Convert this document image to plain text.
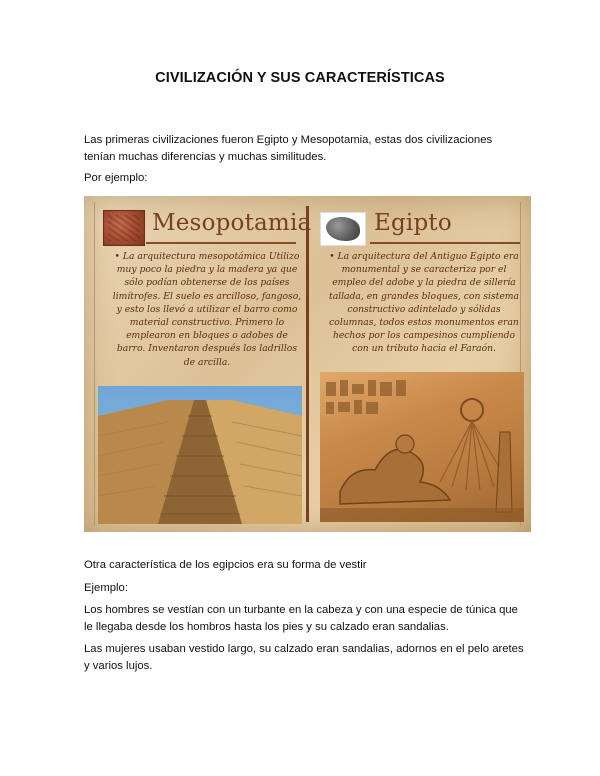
CIVILIZACIÓN Y SUS CARACTERÍSTICAS

Las primeras civilizaciones fueron Egipto y Mesopotamia, estas dos civilizaciones tenían muchas diferencias y muchas similitudes.

Por ejemplo:

Mesopotamia
• La arquitectura mesopotámica Utilizo muy poco la piedra y la madera ya que sólo podían obtenerse de los países limítrofes. El suelo es arcilloso, fangoso, y esto los llevó a utilizar el barro como material constructivo. Primero lo emplearon en bloques o adobes de barro. Inventaron después los ladrillos de arcilla.
Egipto
• La arquitectura del Antiguo Egipto era monumental y se caracteriza por el empleo del adobe y la piedra de sillería tallada, en grandes bloques, con sistema constructivo adintelado y sólidas columnas, todos estos monumentos eran hechos por los campesinos cumpliendo con un tributo hacia el Faraón.

Otra característica de los egipcios era su forma de vestir

Ejemplo:

Los hombres se vestían con un turbante en la cabeza y con una especie de túnica que le llegaba desde los hombros hasta los pies y su calzado eran sandalias.

Las mujeres usaban vestido largo, su calzado eran sandalias, adornos en el pelo aretes y varios lujos.
